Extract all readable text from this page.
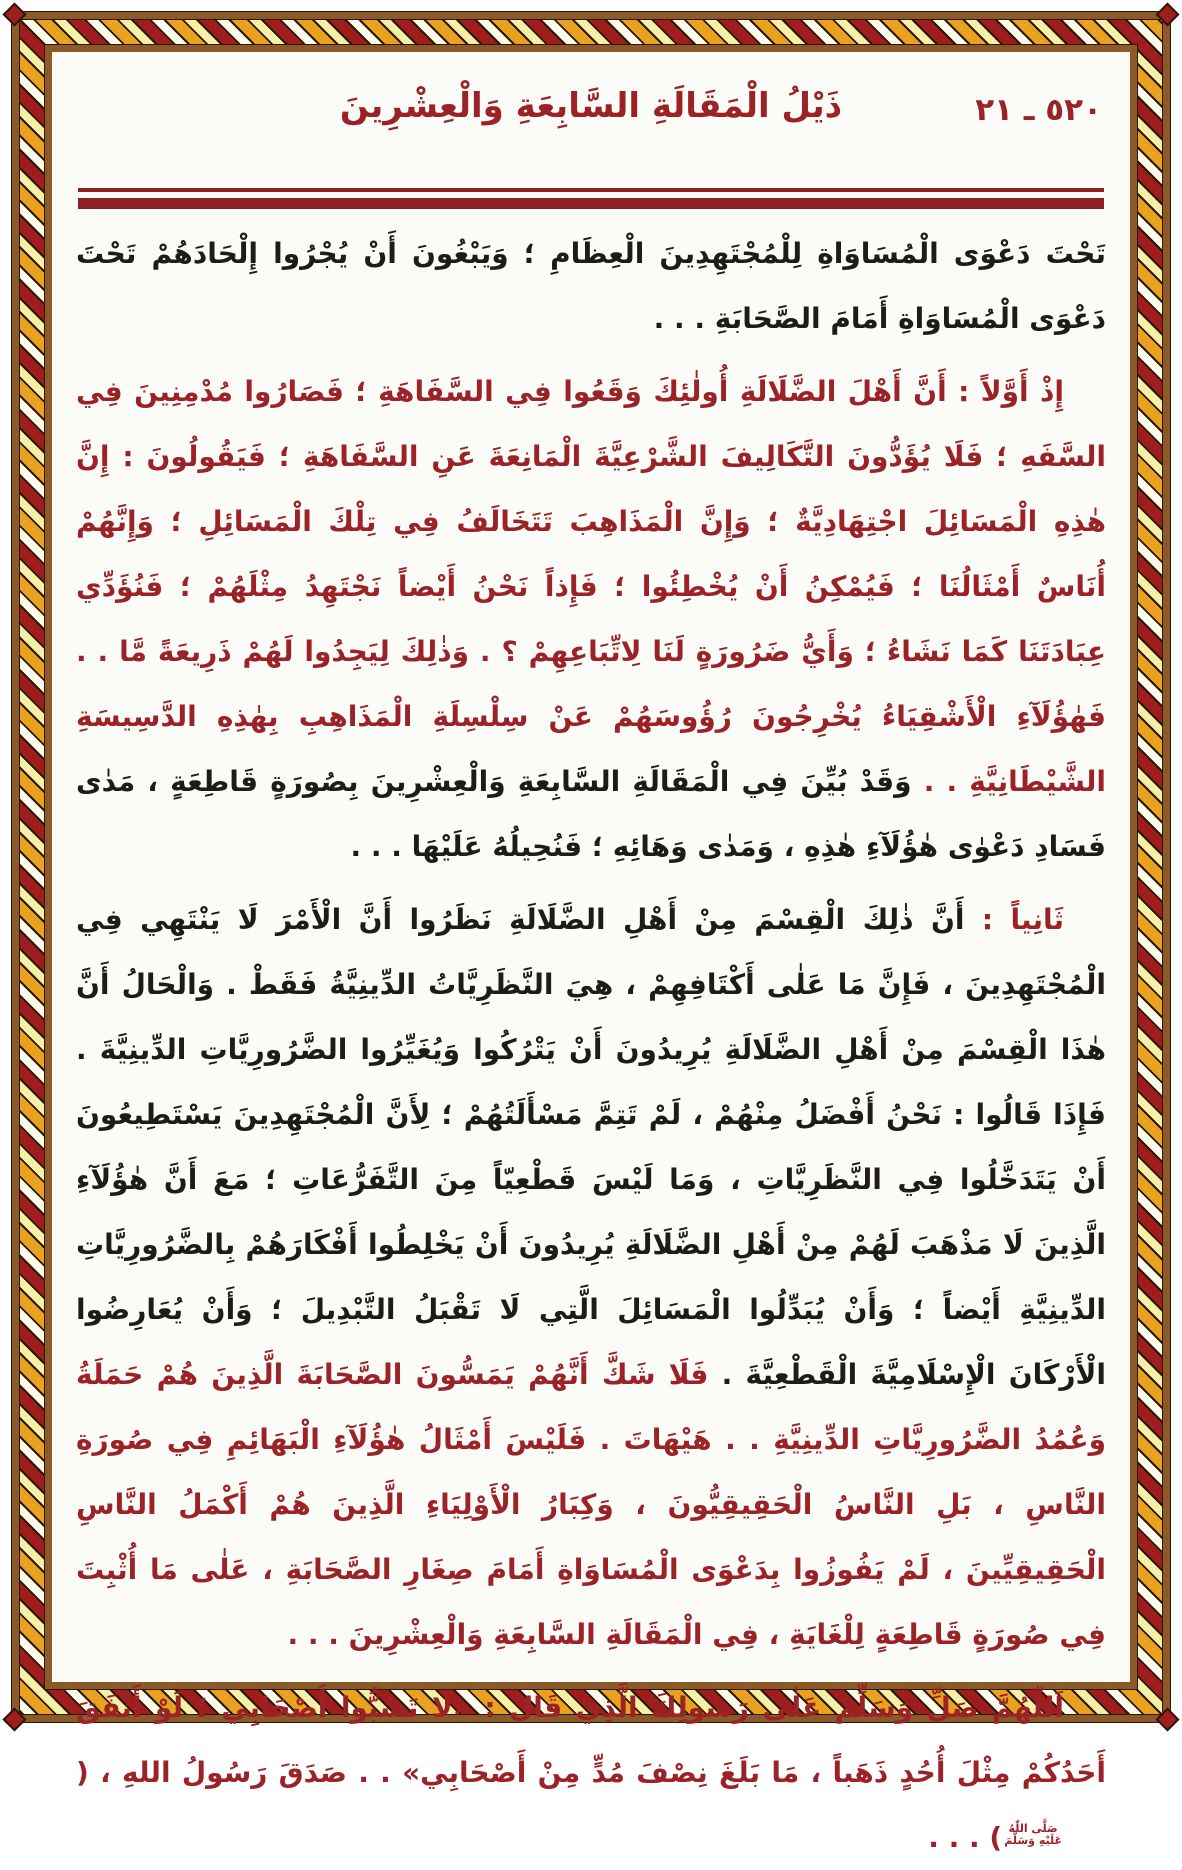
٥٢٠ ـ ٢١
ذَيْلُ الْمَقَالَةِ السَّابِعَةِ وَالْعِشْرِينَ

تَحْتَ دَعْوَى الْمُسَاوَاةِ لِلْمُجْتَهِدِينَ الْعِظَامِ ؛ وَيَبْغُونَ أَنْ يُجْرُوا إِلْحَادَهُمْ تَحْتَ دَعْوَى الْمُسَاوَاةِ أَمَامَ الصَّحَابَةِ . . .

إِذْ أَوَّلاً : أَنَّ أَهْلَ الضَّلَالَةِ أُولٰئِكَ وَقَعُوا فِي السَّفَاهَةِ ؛ فَصَارُوا مُدْمِنِينَ فِي السَّفَهِ ؛ فَلَا يُؤَدُّونَ التَّكَالِيفَ الشَّرْعِيَّةَ الْمَانِعَةَ عَنِ السَّفَاهَةِ ؛ فَيَقُولُونَ : إِنَّ هٰذِهِ الْمَسَائِلَ اجْتِهَادِيَّةٌ ؛ وَإِنَّ الْمَذَاهِبَ تَتَخَالَفُ فِي تِلْكَ الْمَسَائِلِ ؛ وَإِنَّهُمْ أُنَاسٌ أَمْثَالُنَا ؛ فَيُمْكِنُ أَنْ يُخْطِئُوا ؛ فَإِذاً نَحْنُ أَيْضاً نَجْتَهِدُ مِثْلَهُمْ ؛ فَنُؤَدِّي عِبَادَتَنَا كَمَا نَشَاءُ ؛ وَأَيُّ ضَرُورَةٍ لَنَا لِاتِّبَاعِهِمْ ؟ . وَذٰلِكَ لِيَجِدُوا لَهُمْ ذَرِيعَةً مَّا . . فَهٰؤُلَآءِ الْأَشْقِيَاءُ يُخْرِجُونَ رُؤُوسَهُمْ عَنْ سِلْسِلَةِ الْمَذَاهِبِ بِهٰذِهِ الدَّسِيسَةِ الشَّيْطَانِيَّةِ . . وَقَدْ بُيِّنَ فِي الْمَقَالَةِ السَّابِعَةِ وَالْعِشْرِينَ بِصُورَةٍ قَاطِعَةٍ ، مَدٰى فَسَادِ دَعْوٰى هٰؤُلَآءِ هٰذِهِ ، وَمَدٰى وَهَائِهِ ؛ فَنُحِيلُهُ عَلَيْهَا . . .

ثَانِياً : أَنَّ ذٰلِكَ الْقِسْمَ مِنْ أَهْلِ الضَّلَالَةِ نَظَرُوا أَنَّ الْأَمْرَ لَا يَنْتَهِي فِي الْمُجْتَهِدِينَ ، فَإِنَّ مَا عَلٰى أَكْتَافِهِمْ ، هِيَ النَّظَرِيَّاتُ الدِّينِيَّةُ فَقَطْ . وَالْحَالُ أَنَّ هٰذَا الْقِسْمَ مِنْ أَهْلِ الضَّلَالَةِ يُرِيدُونَ أَنْ يَتْرُكُوا وَيُغَيِّرُوا الضَّرُورِيَّاتِ الدِّينِيَّةَ . فَإِذَا قَالُوا : نَحْنُ أَفْضَلُ مِنْهُمْ ، لَمْ تَتِمَّ مَسْأَلَتُهُمْ ؛ لِأَنَّ الْمُجْتَهِدِينَ يَسْتَطِيعُونَ أَنْ يَتَدَخَّلُوا فِي النَّظَرِيَّاتِ ، وَمَا لَيْسَ قَطْعِيّاً مِنَ التَّفَرُّعَاتِ ؛ مَعَ أَنَّ هٰؤُلَآءِ الَّذِينَ لَا مَذْهَبَ لَهُمْ مِنْ أَهْلِ الضَّلَالَةِ يُرِيدُونَ أَنْ يَخْلِطُوا أَفْكَارَهُمْ بِالضَّرُورِيَّاتِ الدِّينِيَّةِ أَيْضاً ؛ وَأَنْ يُبَدِّلُوا الْمَسَائِلَ الَّتِي لَا تَقْبَلُ التَّبْدِيلَ ؛ وَأَنْ يُعَارِضُوا الْأَرْكَانَ الْإِسْلَامِيَّةَ الْقَطْعِيَّةَ . فَلَا شَكَّ أَنَّهُمْ يَمَسُّونَ الصَّحَابَةَ الَّذِينَ هُمْ حَمَلَةُ وَعُمُدُ الضَّرُورِيَّاتِ الدِّينِيَّةِ . . هَيْهَاتَ . فَلَيْسَ أَمْثَالُ هٰؤُلَآءِ الْبَهَائِمِ فِي صُورَةِ النَّاسِ ، بَلِ النَّاسُ الْحَقِيقِيُّونَ ، وَكِبَارُ الْأَوْلِيَاءِ الَّذِينَ هُمْ أَكْمَلُ النَّاسِ الْحَقِيقِيِّينَ ، لَمْ يَفُوزُوا بِدَعْوَى الْمُسَاوَاةِ أَمَامَ صِغَارِ الصَّحَابَةِ ، عَلٰى مَا أُثْبِتَ فِي صُورَةٍ قَاطِعَةٍ لِلْغَايَةِ ، فِي الْمَقَالَةِ السَّابِعَةِ وَالْعِشْرِينَ . . .

اَللّٰهُمَّ صَلِّ وَسَلِّمْ عَلٰى رَسُولِكَ الَّذِي قَالَ : «لَا تَسُبُّوا أَصْحَابِي ؛ لَوْ أَنْفَقَ أَحَدُكُمْ مِثْلَ أُحُدٍ ذَهَباً ، مَا بَلَغَ نِصْفَ مُدٍّ مِنْ أَصْحَابِي» . . صَدَقَ رَسُولُ اللهِ ، (
صَلَّى اللّٰهُ
عَلَيْهِ وَسَلَّمَ
) . . .
